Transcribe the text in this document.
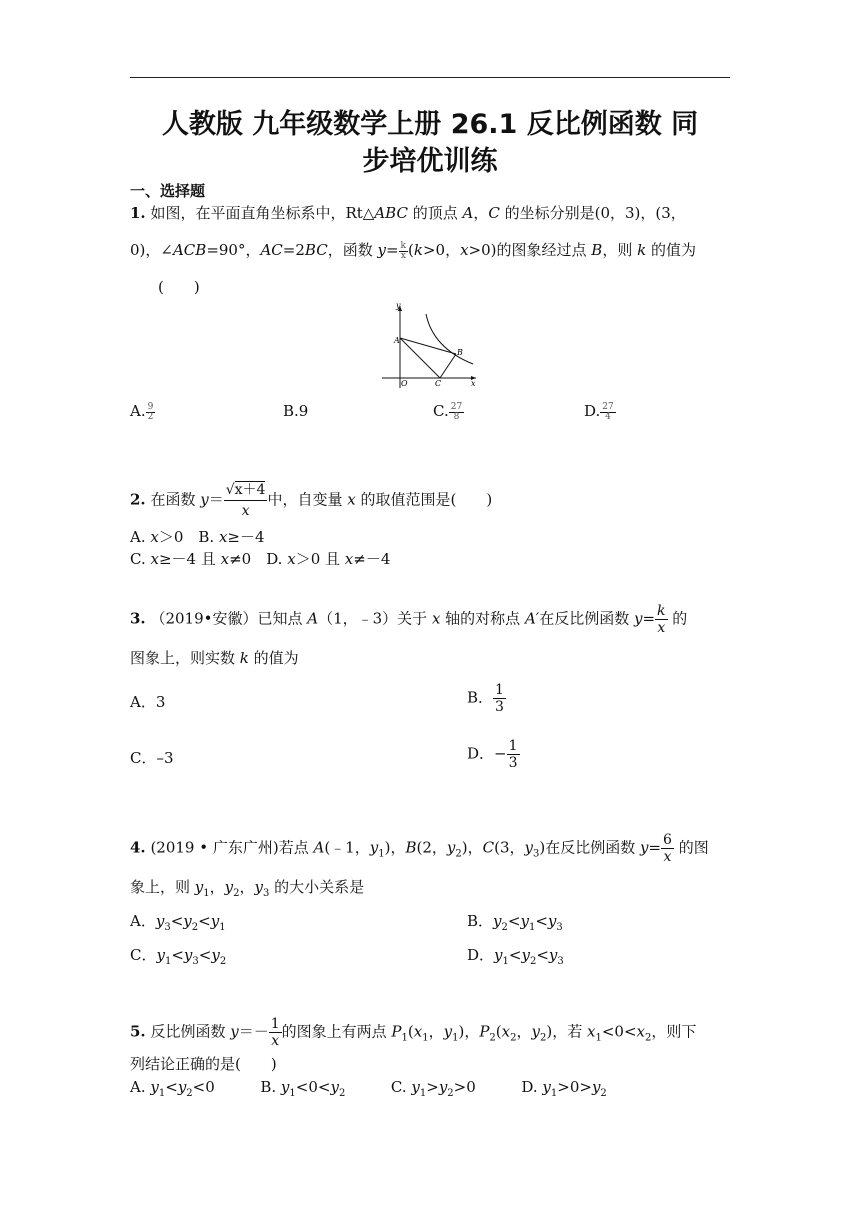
人教版 九年级数学上册 26.1 反比例函数 同
步培优训练
一、选择题
1. 如图，在平面直角坐标系中，Rt△ABC 的顶点 A，C 的坐标分别是(0，3)，(3，
0)，∠ACB=90°，AC=2BC，函数 $y= \frac{k}{x} (k>0$，x>0)的图象经过点 B，则 k 的值为
(　　)
y
x
A
B
C
O
A. $\frac{9}{2}$	B.9	C. $\frac{27}{8}$	D. $\frac{27}{4}$
2. 在函数 $y= \frac{√x+4}{x}$ 中，自变量 x 的取值范围是(　　)
A. x＞0　B. x≥－4
C. x≥－4 且 x≠0　D. x＞0 且 x≠－4
3. （2019•安徽）已知点 A（1，﹣3）关于 x 轴的对称点 A′在反比例函数 $y= \frac{k}{x}$ 的
图象上，则实数 k 的值为
A．3	B． $\frac{1}{3}$
C．–3	D．− $\frac{1}{3}$
4. (2019 • 广东广州)若点 A(﹣1，$y_1$)，B(2，$y_2$)，C(3，$y_3$)在反比例函数 $y= \frac{6}{x}$ 的图
象上，则 $y_1$，$y_2$，$y_3$ 的大小关系是
A．$y_3<y_2<y_1$	B．$y_2<y_1<y_3$
C．$y_1<y_3<y_2$	D．$y_1<y_2<y_3$
5. 反比例函数 $y=- \frac{1}{x}$ 的图象上有两点 $P_1(x_1$，$y_1$)，$P_2(x_2$，$y_2$)，若 $x_1<0<x_2$，则下
列结论正确的是(　　)
A. $y_1<y_2<0$	B. $y_1<0<y_2$	C. $y_1>y_2>0$	D. $y_1>0>y_2$
